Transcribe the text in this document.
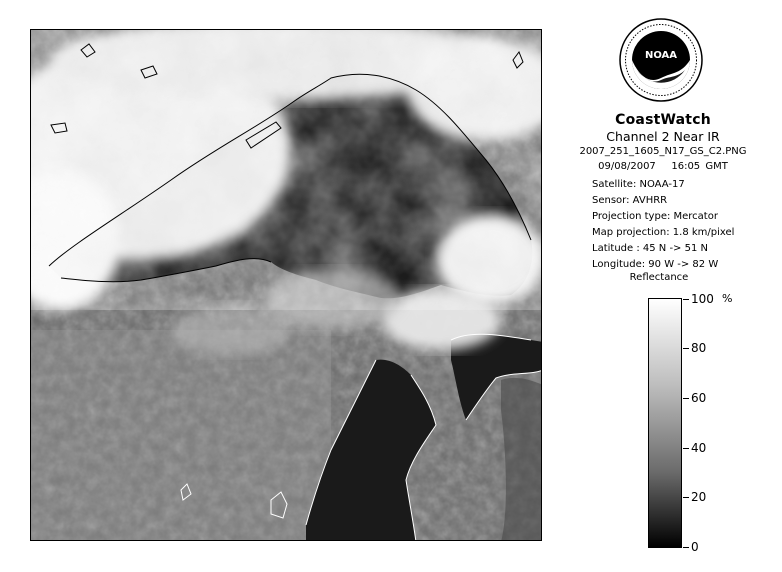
NOAA
CoastWatch
Channel 2 Near IR
2007_251_1605_N17_GS_C2.PNG
09/08/2007 16:05 GMT
Satellite: NOAA-17
Sensor: AVHRR
Projection type: Mercator
Map projection: 1.8 km/pixel
Latitude : 45 N -> 51 N
Longitude: 90 W -> 82 W
Reflectance
%
100
80
60
40
20
0
